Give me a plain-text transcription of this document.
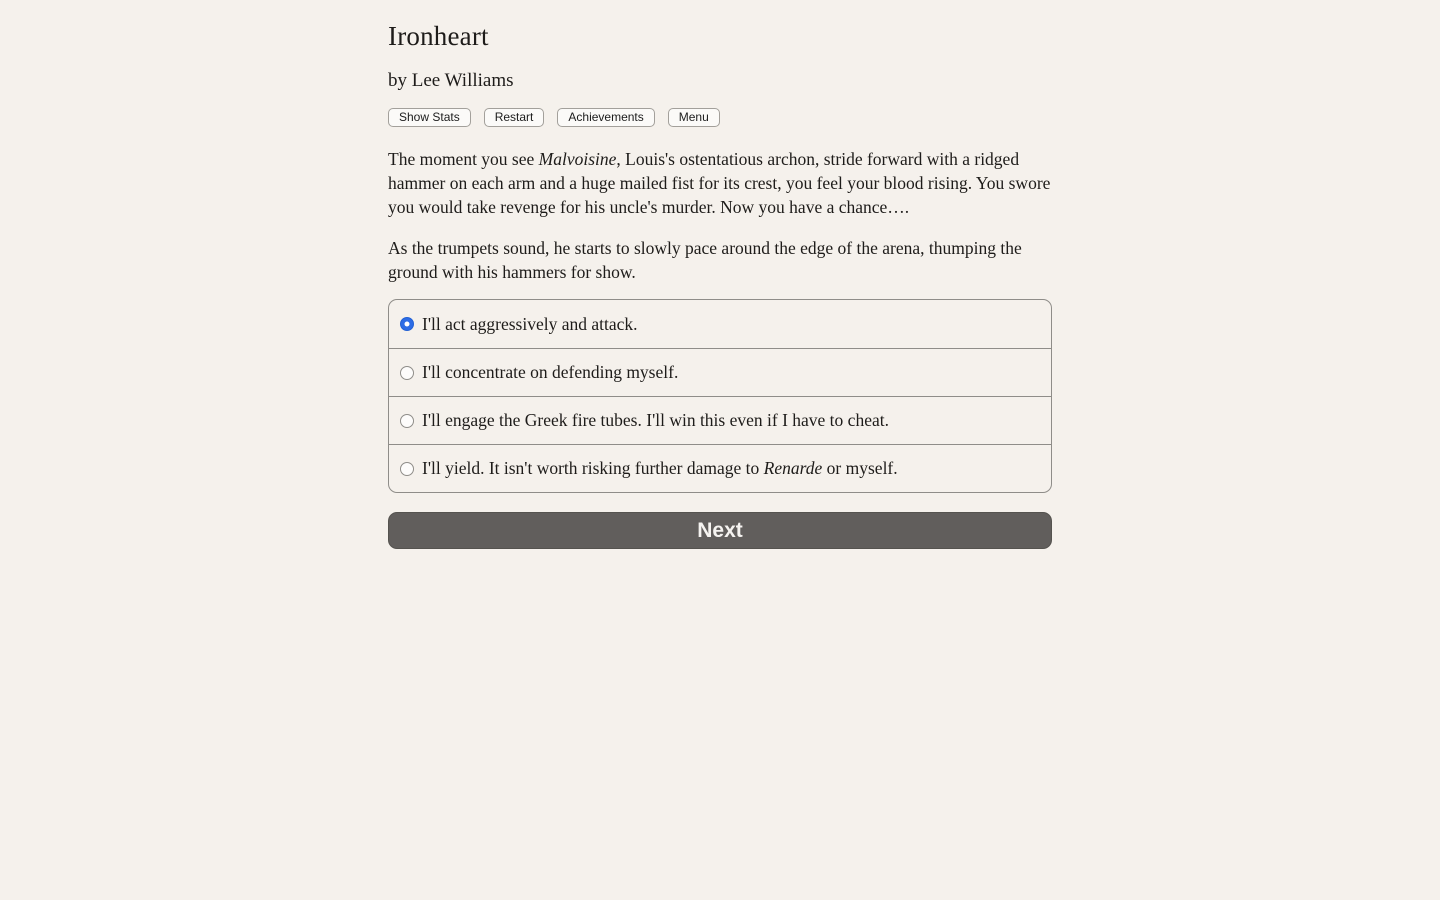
Ironheart

by Lee Williams

Show Stats	Restart	Achievements	Menu

The moment you see Malvoisine, Louis's ostentatious archon, stride forward with a ridged hammer on each arm and a huge mailed fist for its crest, you feel your blood rising. You swore you would take revenge for his uncle's murder. Now you have a chance….

As the trumpets sound, he starts to slowly pace around the edge of the arena, thumping the ground with his hammers for show.

I'll act aggressively and attack.
I'll concentrate on defending myself.
I'll engage the Greek fire tubes. I'll win this even if I have to cheat.
I'll yield. It isn't worth risking further damage to Renarde or myself.
Next
